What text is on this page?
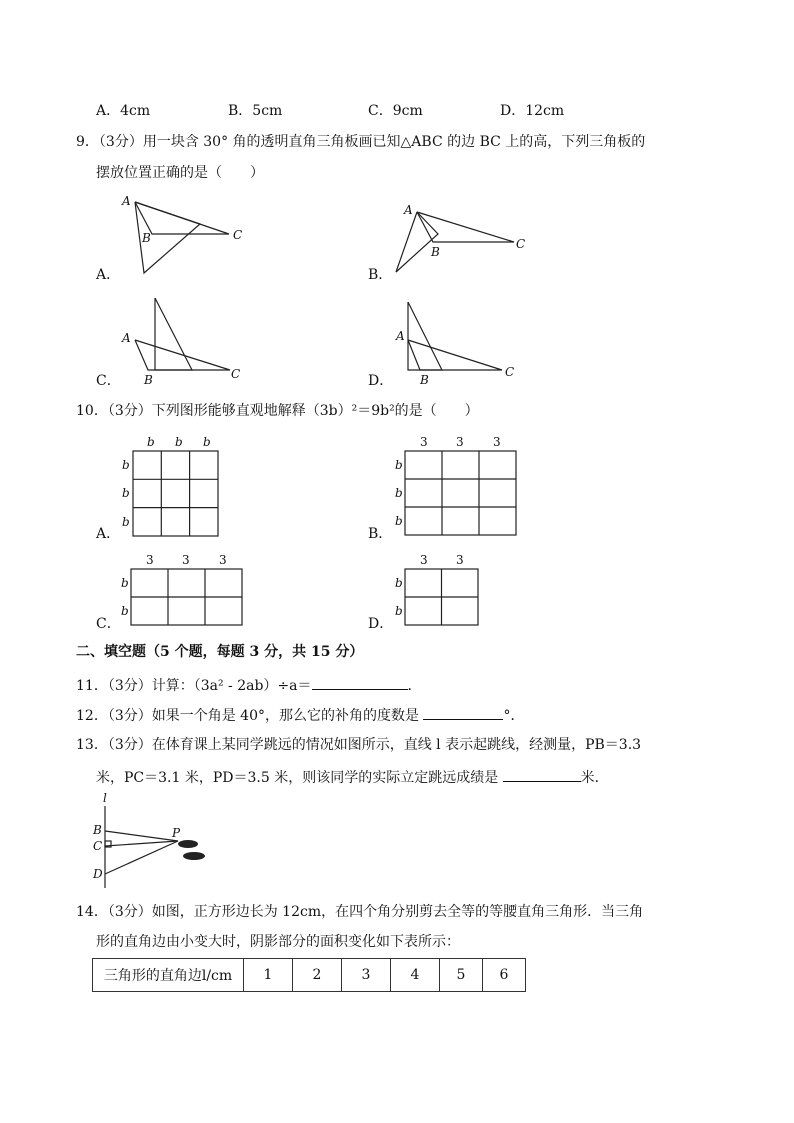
A．4cm	B．5cm	C．9cm	D．12cm
9．（3分）用一块含 30° 角的透明直角三角板画已知△ABC 的边 BC 上的高，下列三角板的
摆放位置正确的是（　　）
A．
A
B	C
B．
A
B
C
C．
A
B	C	D．
A
B
C
10．（3分）下列图形能够直观地解释（3b）²＝9b²的是（　　）
A．
b b b
b
b
b
B．
3 3 3
b
b
b
C．
3 3 3
b
b
D．
3 3
b
b
二、填空题（5 个题，每题 3 分，共 15 分）
11．（3分）计算：（3a² - 2ab）÷a＝	．
12．（3分）如果一个角是 40°，那么它的补角的度数是	°．
13．（3分）在体育课上某同学跳远的情况如图所示，直线 l 表示起跳线，经测量，PB＝3.3
米，PC＝3.1 米，PD＝3.5 米，则该同学的实际立定跳远成绩是	米．
l
B
C
D
P
14．（3分）如图，正方形边长为 12cm，在四个角分别剪去全等的等腰直角三角形．当三角
形的直角边由小变大时，阴影部分的面积变化如下表所示：
三角形的直角边l/cm	1	2	3	4	5	6
